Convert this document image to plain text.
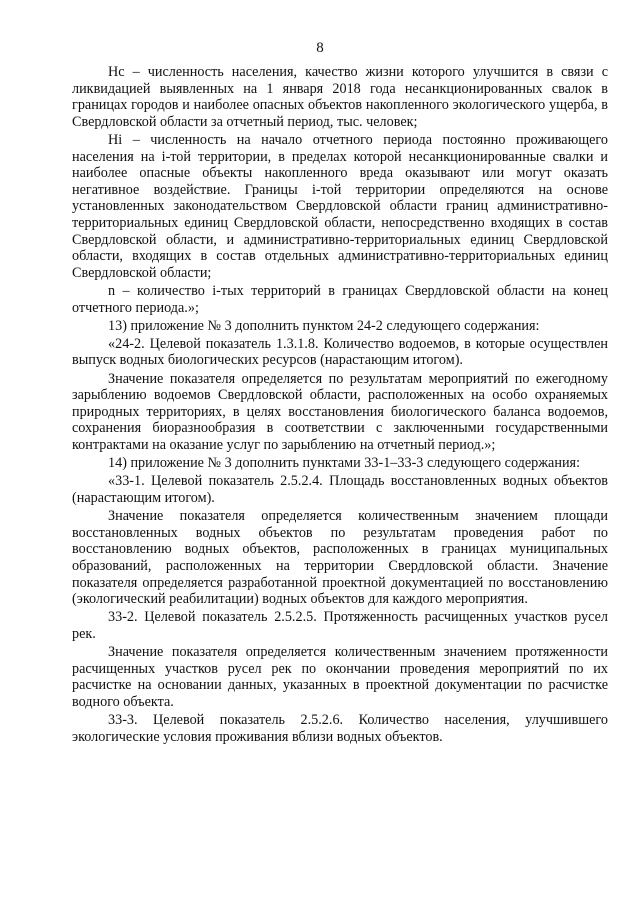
8

Нс – численность населения, качество жизни которого улучшится в связи с ликвидацией выявленных на 1 января 2018 года несанкционированных свалок в границах городов и наиболее опасных объектов накопленного экологического ущерба, в Свердловской области за отчетный период, тыс. человек;

Нi – численность на начало отчетного периода постоянно проживающего населения на i-той территории, в пределах которой несанкционированные свалки и наиболее опасные объекты накопленного вреда оказывают или могут оказать негативное воздействие. Границы i-той территории определяются на основе установленных законодательством Свердловской области границ административно-территориальных единиц Свердловской области, непосредственно входящих в состав Свердловской области, и административно-территориальных единиц Свердловской области, входящих в состав отдельных административно-территориальных единиц Свердловской области;

n – количество i-тых территорий в границах Свердловской области на конец отчетного периода.»;

13) приложение № 3 дополнить пунктом 24-2 следующего содержания:

«24-2. Целевой показатель 1.3.1.8. Количество водоемов, в которые осуществлен выпуск водных биологических ресурсов (нарастающим итогом).

Значение показателя определяется по результатам мероприятий по ежегодному зарыблению водоемов Свердловской области, расположенных на особо охраняемых природных территориях, в целях восстановления биологического баланса водоемов, сохранения биоразнообразия в соответствии с заключенными государственными контрактами на оказание услуг по зарыблению на отчетный период.»;

14) приложение № 3 дополнить пунктами 33-1–33-3 следующего содержания:

«33-1. Целевой показатель 2.5.2.4. Площадь восстановленных водных объектов (нарастающим итогом).

Значение показателя определяется количественным значением площади восстановленных водных объектов по результатам проведения работ по восстановлению водных объектов, расположенных в границах муниципальных образований, расположенных на территории Свердловской области. Значение показателя определяется разработанной проектной документацией по восстановлению (экологический реабилитации) водных объектов для каждого мероприятия.

33-2. Целевой показатель 2.5.2.5. Протяженность расчищенных участков русел рек.

Значение показателя определяется количественным значением протяженности расчищенных участков русел рек по окончании проведения мероприятий по их расчистке на основании данных, указанных в проектной документации по расчистке водного объекта.

33-3. Целевой показатель 2.5.2.6. Количество населения, улучшившего экологические условия проживания вблизи водных объектов.
